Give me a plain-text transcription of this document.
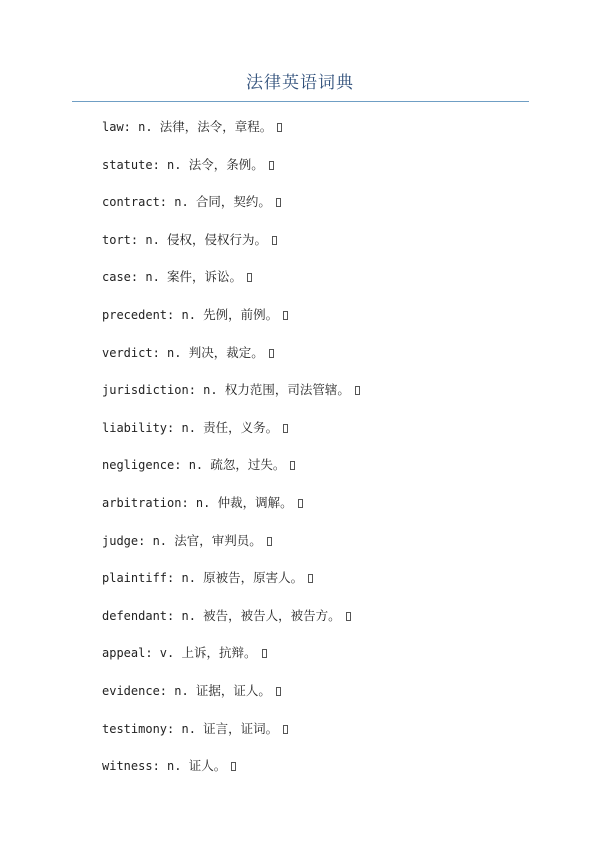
法律英语词典
law: n. 法律，法令，章程。
statute: n. 法令，条例。
contract: n. 合同，契约。
tort: n. 侵权，侵权行为。
case: n. 案件，诉讼。
precedent: n. 先例，前例。
verdict: n. 判决，裁定。
jurisdiction: n. 权力范围，司法管辖。
liability: n. 责任，义务。
negligence: n. 疏忽，过失。
arbitration: n. 仲裁，调解。
judge: n. 法官，审判员。
plaintiff: n. 原被告，原害人。
defendant: n. 被告，被告人，被告方。
appeal: v. 上诉，抗辩。
evidence: n. 证据，证人。
testimony: n. 证言，证词。
witness: n. 证人。
